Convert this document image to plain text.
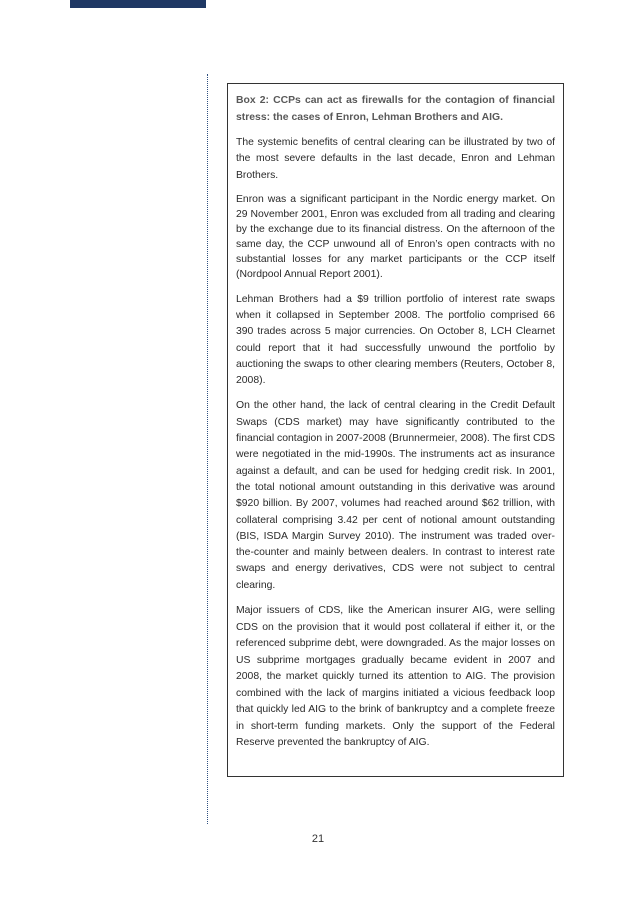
Box 2: CCPs can act as firewalls for the contagion of financial stress: the cases of Enron, Lehman Brothers and AIG.

The systemic benefits of central clearing can be illustrated by two of the most severe defaults in the last decade, Enron and Lehman Brothers.

Enron was a significant participant in the Nordic energy market. On 29 November 2001, Enron was excluded from all trading and clearing by the exchange due to its financial distress. On the afternoon of the same day, the CCP unwound all of Enron’s open contracts with no substantial losses for any market participants or the CCP itself (Nordpool Annual Report 2001).

Lehman Brothers had a $9 trillion portfolio of interest rate swaps when it collapsed in September 2008. The portfolio comprised 66 390 trades across 5 major currencies. On October 8, LCH Clearnet could report that it had successfully unwound the portfolio by auctioning the swaps to other clearing members (Reuters, October 8, 2008).

On the other hand, the lack of central clearing in the Credit Default Swaps (CDS market) may have significantly contributed to the financial contagion in 2007-2008 (Brunnermeier, 2008). The first CDS were negotiated in the mid-1990s. The instruments act as insurance against a default, and can be used for hedging credit risk. In 2001, the total notional amount outstanding in this derivative was around $920 billion. By 2007, volumes had reached around $62 trillion, with collateral comprising 3.42 per cent of notional amount outstanding (BIS, ISDA Margin Survey 2010). The instrument was traded over-the-counter and mainly between dealers. In contrast to interest rate swaps and energy derivatives, CDS were not subject to central clearing.

Major issuers of CDS, like the American insurer AIG, were selling CDS on the provision that it would post collateral if either it, or the referenced subprime debt, were downgraded. As the major losses on US subprime mortgages gradually became evident in 2007 and 2008, the market quickly turned its attention to AIG. The provision combined with the lack of margins initiated a vicious feedback loop that quickly led AIG to the brink of bankruptcy and a complete freeze in short-term funding markets. Only the support of the Federal Reserve prevented the bankruptcy of AIG.

21
